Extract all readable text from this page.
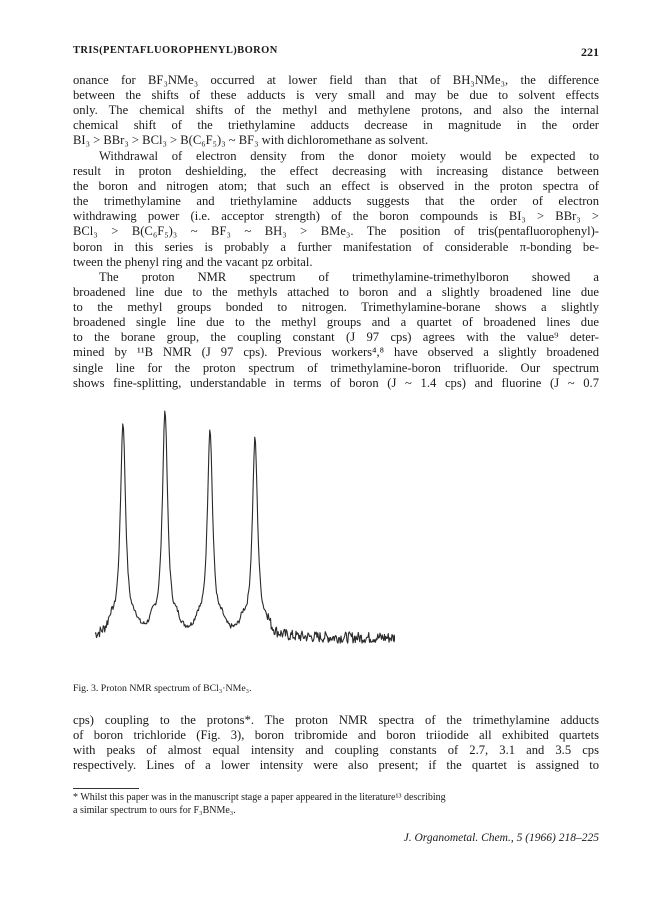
TRIS(PENTAFLUOROPHENYL)BORON	221
onance for BF₃NMe₃ occurred at lower field than that of BH₃NMe₃, the difference
between the shifts of these adducts is very small and may be due to solvent effects
only. The chemical shifts of the methyl and methylene protons, and also the internal
chemical shift of the triethylamine adducts decrease in magnitude in the order
BI₃ > BBr₃ > BCl₃ > B(C₆F₅)₃ ~ BF₃ with dichloromethane as solvent.
Withdrawal of electron density from the donor moiety would be expected to
result in proton deshielding, the effect decreasing with increasing distance between
the boron and nitrogen atom; that such an effect is observed in the proton spectra of
the trimethylamine and triethylamine adducts suggests that the order of electron
withdrawing power (i.e. acceptor strength) of the boron compounds is BI₃ > BBr₃ >
BCl₃ > B(C₆F₅)₃ ~ BF₃ ~ BH₃ > BMe₃. The position of tris(pentafluorophenyl)-
boron in this series is probably a further manifestation of considerable π-bonding be-
tween the phenyl ring and the vacant pz orbital.
The proton NMR spectrum of trimethylamine-trimethylboron showed a
broadened line due to the methyls attached to boron and a slightly broadened line due
to the methyl groups bonded to nitrogen. Trimethylamine-borane shows a slightly
broadened single line due to the methyl groups and a quartet of broadened lines due
to the borane group, the coupling constant (J 97 cps) agrees with the value⁹ deter-
mined by ¹¹B NMR (J 97 cps). Previous workers⁴,⁸ have observed a slightly broadened
single line for the proton spectrum of trimethylamine-boron trifluoride. Our spectrum
shows fine-splitting, understandable in terms of boron (J ~ 1.4 cps) and fluorine (J ~ 0.7
Fig. 3. Proton NMR spectrum of BCl₃·NMe₃.
cps) coupling to the protons*. The proton NMR spectra of the trimethylamine adducts
of boron trichloride (Fig. 3), boron tribromide and boron triiodide all exhibited quartets
with peaks of almost equal intensity and coupling constants of 2.7, 3.1 and 3.5 cps
respectively. Lines of a lower intensity were also present; if the quartet is assigned to
* Whilst this paper was in the manuscript stage a paper appeared in the literature¹³ describing
a similar spectrum to ours for F₃BNMe₃.
J. Organometal. Chem., 5 (1966) 218–225
